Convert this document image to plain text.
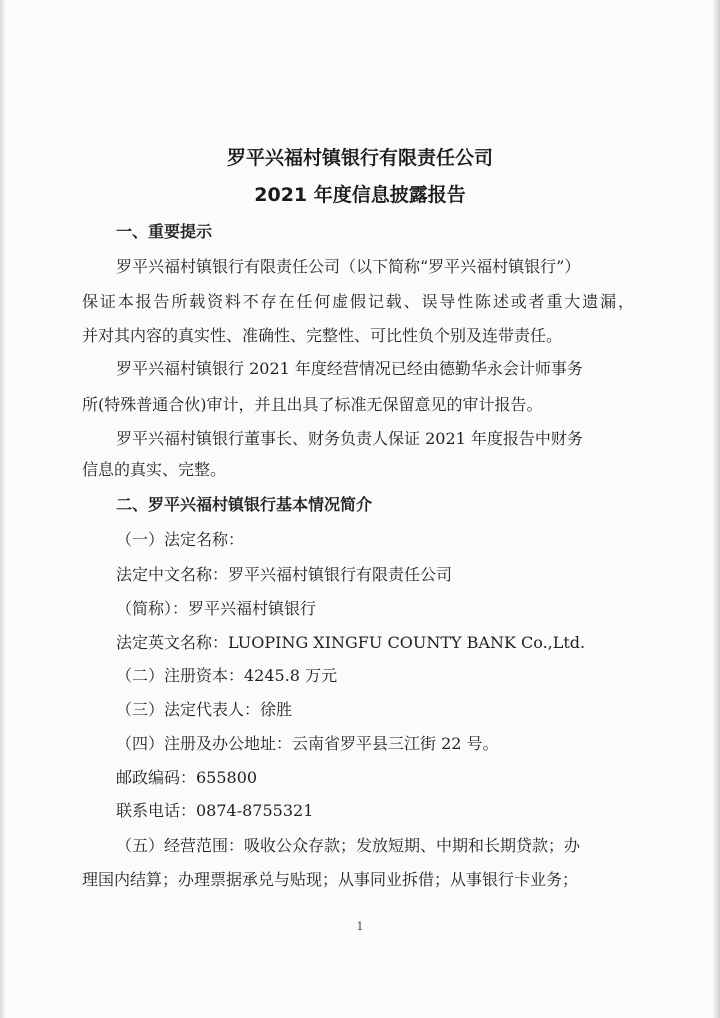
罗平兴福村镇银行有限责任公司
2021 年度信息披露报告
一、重要提示
罗平兴福村镇银行有限责任公司（以下简称“罗平兴福村镇银行”）
保证本报告所载资料不存在任何虚假记载、误导性陈述或者重大遗漏，
并对其内容的真实性、准确性、完整性、可比性负个别及连带责任。
罗平兴福村镇银行 2021 年度经营情况已经由德勤华永会计师事务
所(特殊普通合伙)审计，并且出具了标准无保留意见的审计报告。
罗平兴福村镇银行董事长、财务负责人保证 2021 年度报告中财务
信息的真实、完整。
二、罗平兴福村镇银行基本情况简介
（一）法定名称：
法定中文名称：罗平兴福村镇银行有限责任公司
（简称）：罗平兴福村镇银行
法定英文名称：LUOPING XINGFU COUNTY BANK Co.,Ltd.
（二）注册资本：4245.8 万元
（三）法定代表人：徐胜
（四）注册及办公地址：云南省罗平县三江街 22 号。
邮政编码：655800
联系电话：0874-8755321
（五）经营范围：吸收公众存款；发放短期、中期和长期贷款；办
理国内结算；办理票据承兑与贴现；从事同业拆借；从事银行卡业务；
1
